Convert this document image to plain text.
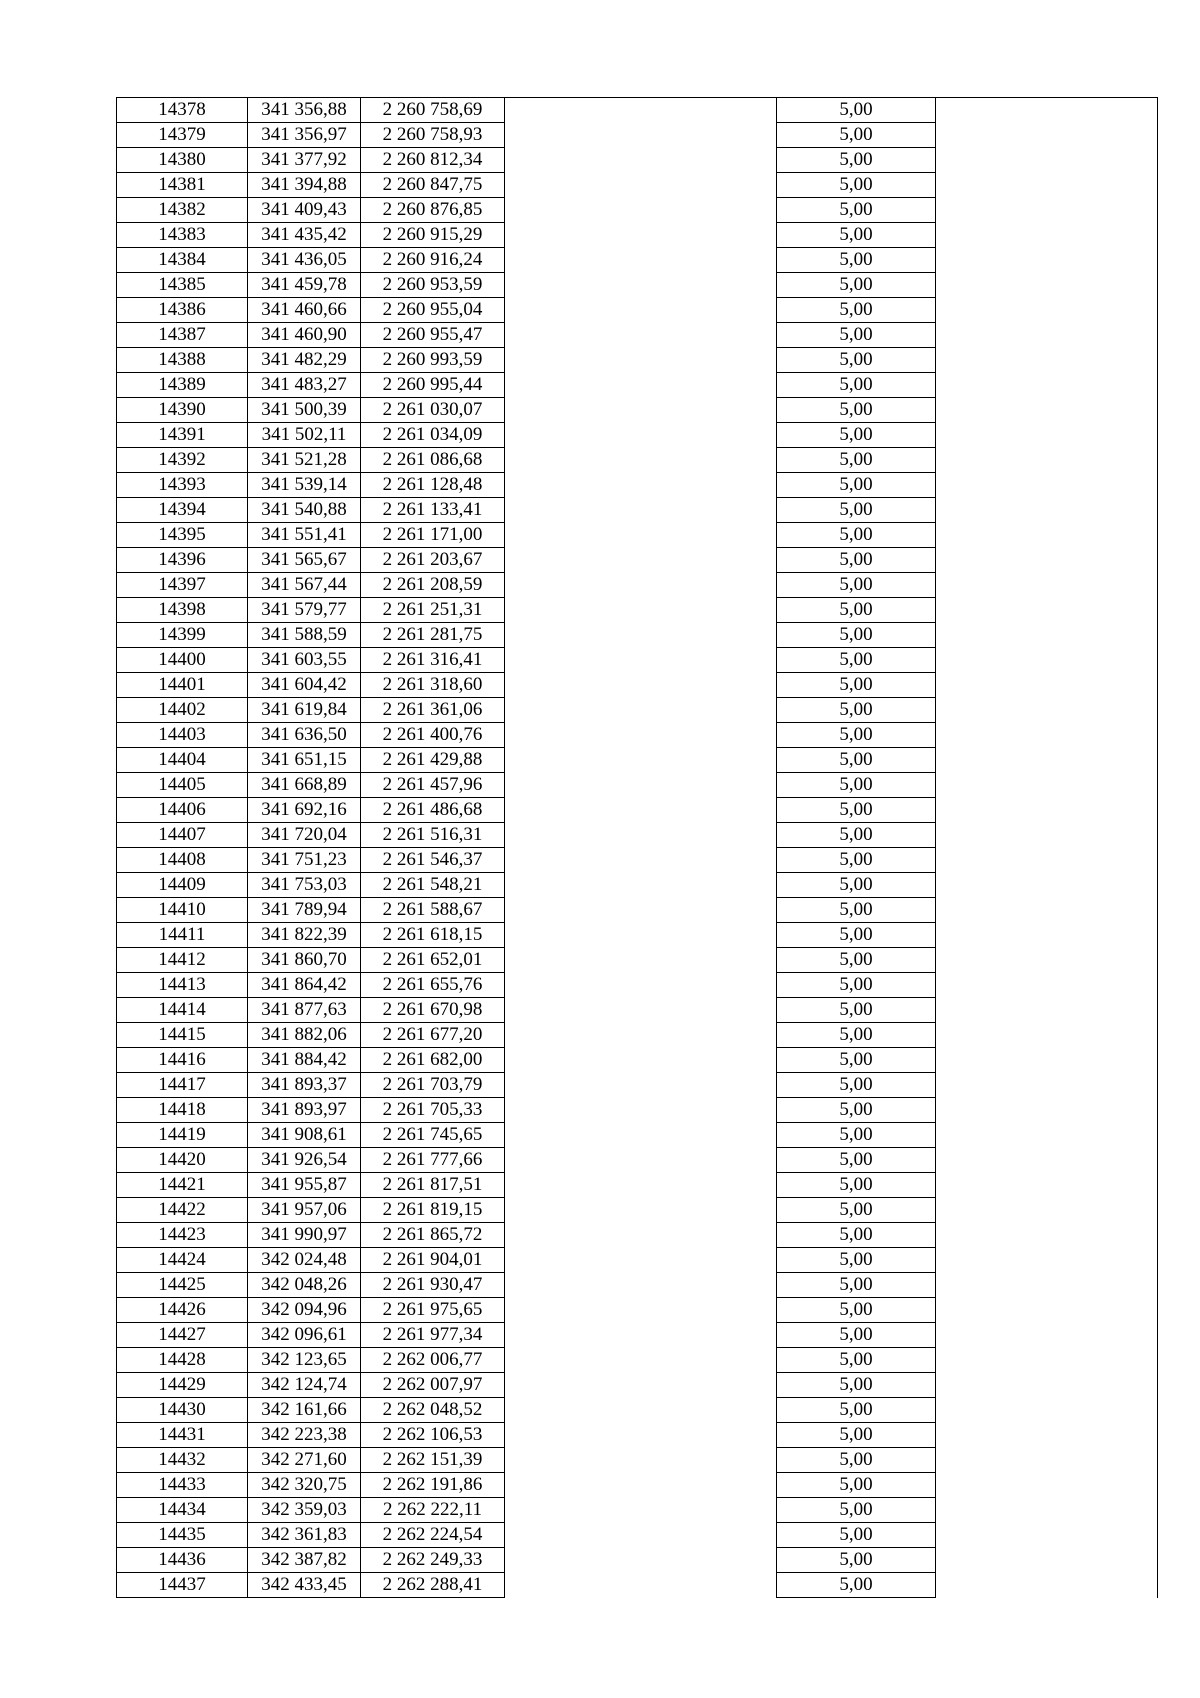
14378	341 356,88	2 260 758,69		5,00	
14379	341 356,97	2 260 758,93		5,00	
14380	341 377,92	2 260 812,34		5,00	
14381	341 394,88	2 260 847,75		5,00	
14382	341 409,43	2 260 876,85		5,00	
14383	341 435,42	2 260 915,29		5,00	
14384	341 436,05	2 260 916,24		5,00	
14385	341 459,78	2 260 953,59		5,00	
14386	341 460,66	2 260 955,04		5,00	
14387	341 460,90	2 260 955,47		5,00	
14388	341 482,29	2 260 993,59		5,00	
14389	341 483,27	2 260 995,44		5,00	
14390	341 500,39	2 261 030,07		5,00	
14391	341 502,11	2 261 034,09		5,00	
14392	341 521,28	2 261 086,68		5,00	
14393	341 539,14	2 261 128,48		5,00	
14394	341 540,88	2 261 133,41		5,00	
14395	341 551,41	2 261 171,00		5,00	
14396	341 565,67	2 261 203,67		5,00	
14397	341 567,44	2 261 208,59		5,00	
14398	341 579,77	2 261 251,31		5,00	
14399	341 588,59	2 261 281,75		5,00	
14400	341 603,55	2 261 316,41		5,00	
14401	341 604,42	2 261 318,60		5,00	
14402	341 619,84	2 261 361,06		5,00	
14403	341 636,50	2 261 400,76		5,00	
14404	341 651,15	2 261 429,88		5,00	
14405	341 668,89	2 261 457,96		5,00	
14406	341 692,16	2 261 486,68		5,00	
14407	341 720,04	2 261 516,31		5,00	
14408	341 751,23	2 261 546,37		5,00	
14409	341 753,03	2 261 548,21		5,00	
14410	341 789,94	2 261 588,67		5,00	
14411	341 822,39	2 261 618,15		5,00	
14412	341 860,70	2 261 652,01		5,00	
14413	341 864,42	2 261 655,76		5,00	
14414	341 877,63	2 261 670,98		5,00	
14415	341 882,06	2 261 677,20		5,00	
14416	341 884,42	2 261 682,00		5,00	
14417	341 893,37	2 261 703,79		5,00	
14418	341 893,97	2 261 705,33		5,00	
14419	341 908,61	2 261 745,65		5,00	
14420	341 926,54	2 261 777,66		5,00	
14421	341 955,87	2 261 817,51		5,00	
14422	341 957,06	2 261 819,15		5,00	
14423	341 990,97	2 261 865,72		5,00	
14424	342 024,48	2 261 904,01		5,00	
14425	342 048,26	2 261 930,47		5,00	
14426	342 094,96	2 261 975,65		5,00	
14427	342 096,61	2 261 977,34		5,00	
14428	342 123,65	2 262 006,77		5,00	
14429	342 124,74	2 262 007,97		5,00	
14430	342 161,66	2 262 048,52		5,00	
14431	342 223,38	2 262 106,53		5,00	
14432	342 271,60	2 262 151,39		5,00	
14433	342 320,75	2 262 191,86		5,00	
14434	342 359,03	2 262 222,11		5,00	
14435	342 361,83	2 262 224,54		5,00	
14436	342 387,82	2 262 249,33		5,00	
14437	342 433,45	2 262 288,41		5,00	
